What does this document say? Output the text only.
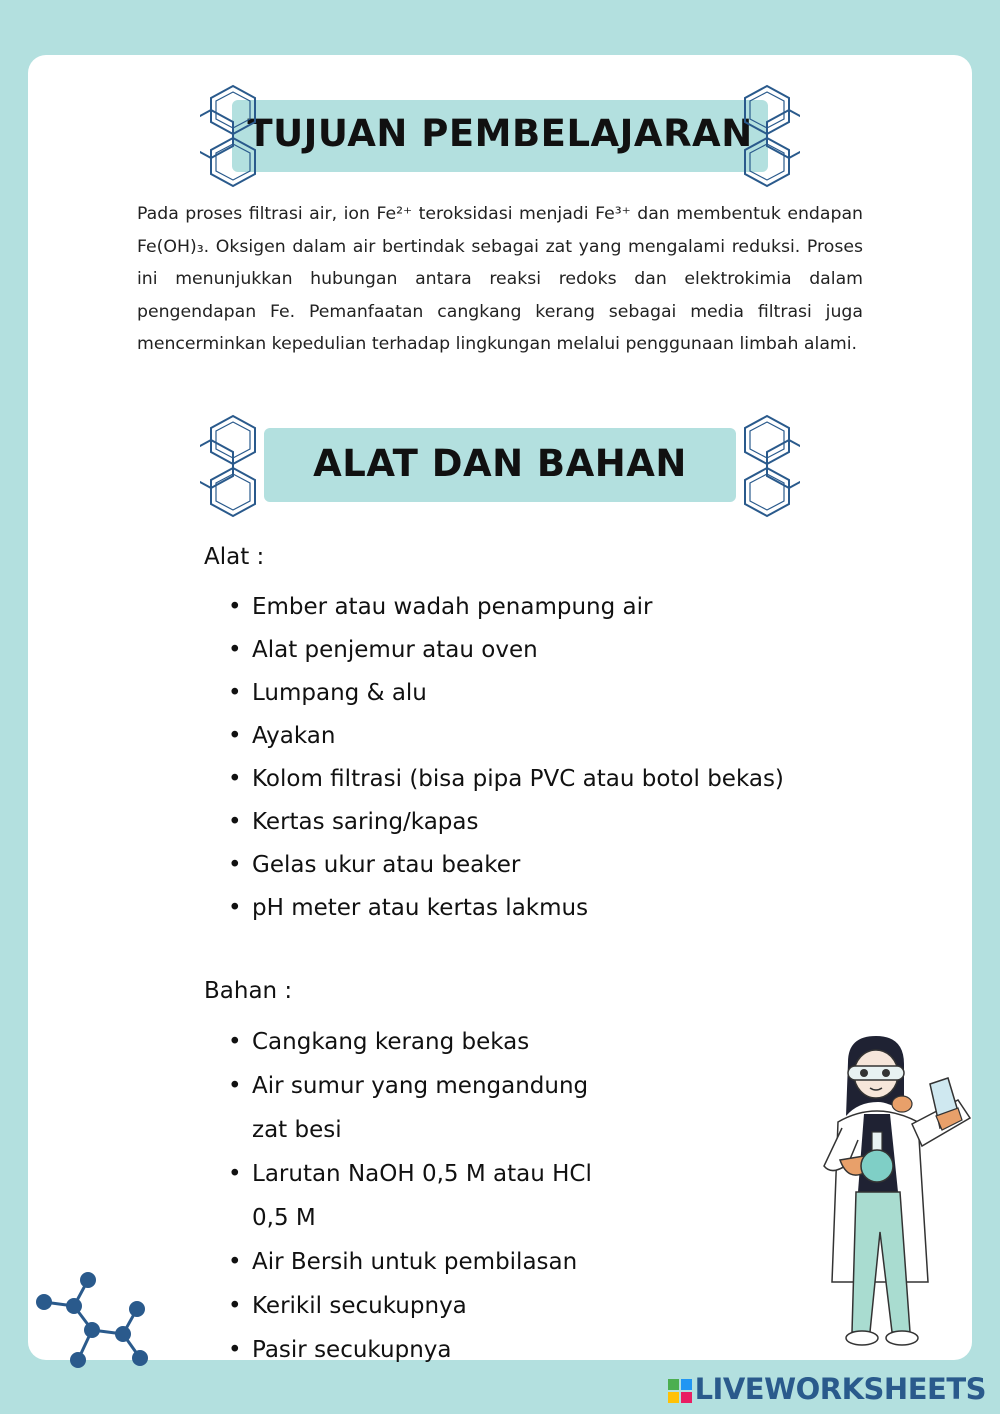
TUJUAN PEMBELAJARAN
Pada proses filtrasi air, ion Fe²⁺ teroksidasi menjadi Fe³⁺ dan membentuk endapan Fe(OH)₃. Oksigen dalam air bertindak sebagai zat yang mengalami reduksi. Proses ini menunjukkan hubungan antara reaksi redoks dan elektrokimia dalam pengendapan Fe. Pemanfaatan cangkang kerang sebagai media filtrasi juga mencerminkan kepedulian terhadap lingkungan melalui penggunaan limbah alami.
ALAT DAN BAHAN
Alat :
• Ember atau wadah penampung air
• Alat penjemur atau oven
• Lumpang & alu
• Ayakan
• Kolom filtrasi (bisa pipa PVC atau botol bekas)
• Kertas saring/kapas
• Gelas ukur atau beaker
• pH meter atau kertas lakmus
Bahan :
• Cangkang kerang bekas
• Air sumur yang mengandung zat besi
• Larutan NaOH 0,5 M atau HCl 0,5 M
• Air Bersih untuk pembilasan
• Kerikil secukupnya
• Pasir secukupnya
LIVEWORKSHEETS
